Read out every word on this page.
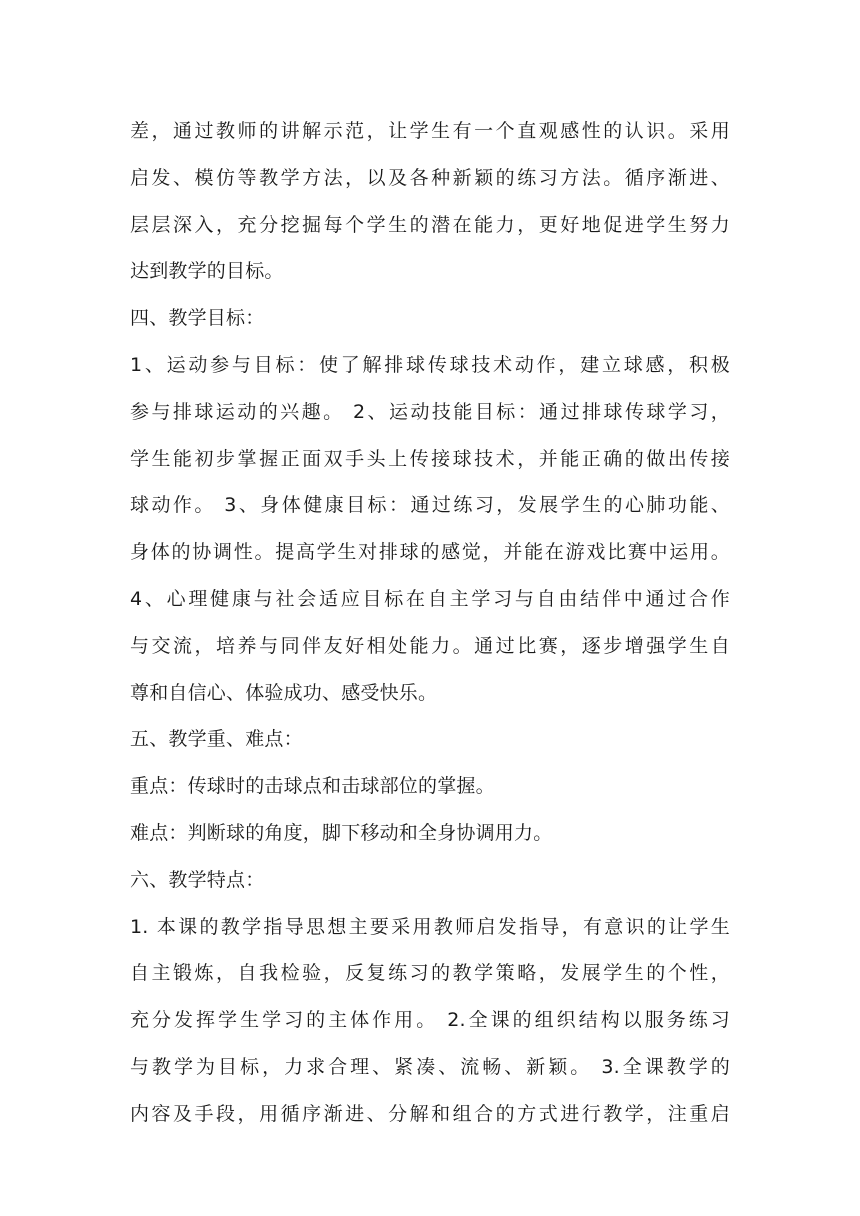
差，通过教师的讲解示范，让学生有一个直观感性的认识。采用
启发、模仿等教学方法，以及各种新颖的练习方法。循序渐进、
层层深入，充分挖掘每个学生的潜在能力，更好地促进学生努力
达到教学的目标。
四、教学目标：
1、运动参与目标：使了解排球传球技术动作，建立球感，积极
参与排球运动的兴趣。 2、运动技能目标：通过排球传球学习，
学生能初步掌握正面双手头上传接球技术，并能正确的做出传接
球动作。 3、身体健康目标：通过练习，发展学生的心肺功能、
身体的协调性。提高学生对排球的感觉，并能在游戏比赛中运用。
4、心理健康与社会适应目标在自主学习与自由结伴中通过合作
与交流，培养与同伴友好相处能力。通过比赛，逐步增强学生自
尊和自信心、体验成功、感受快乐。
五、教学重、难点：
重点：传球时的击球点和击球部位的掌握。
难点：判断球的角度，脚下移动和全身协调用力。
六、教学特点：
1. 本课的教学指导思想主要采用教师启发指导，有意识的让学生
自主锻炼，自我检验，反复练习的教学策略，发展学生的个性，
充分发挥学生学习的主体作用。 2.全课的组织结构以服务练习
与教学为目标，力求合理、紧凑、流畅、新颖。 3.全课教学的
内容及手段，用循序渐进、分解和组合的方式进行教学，注重启
